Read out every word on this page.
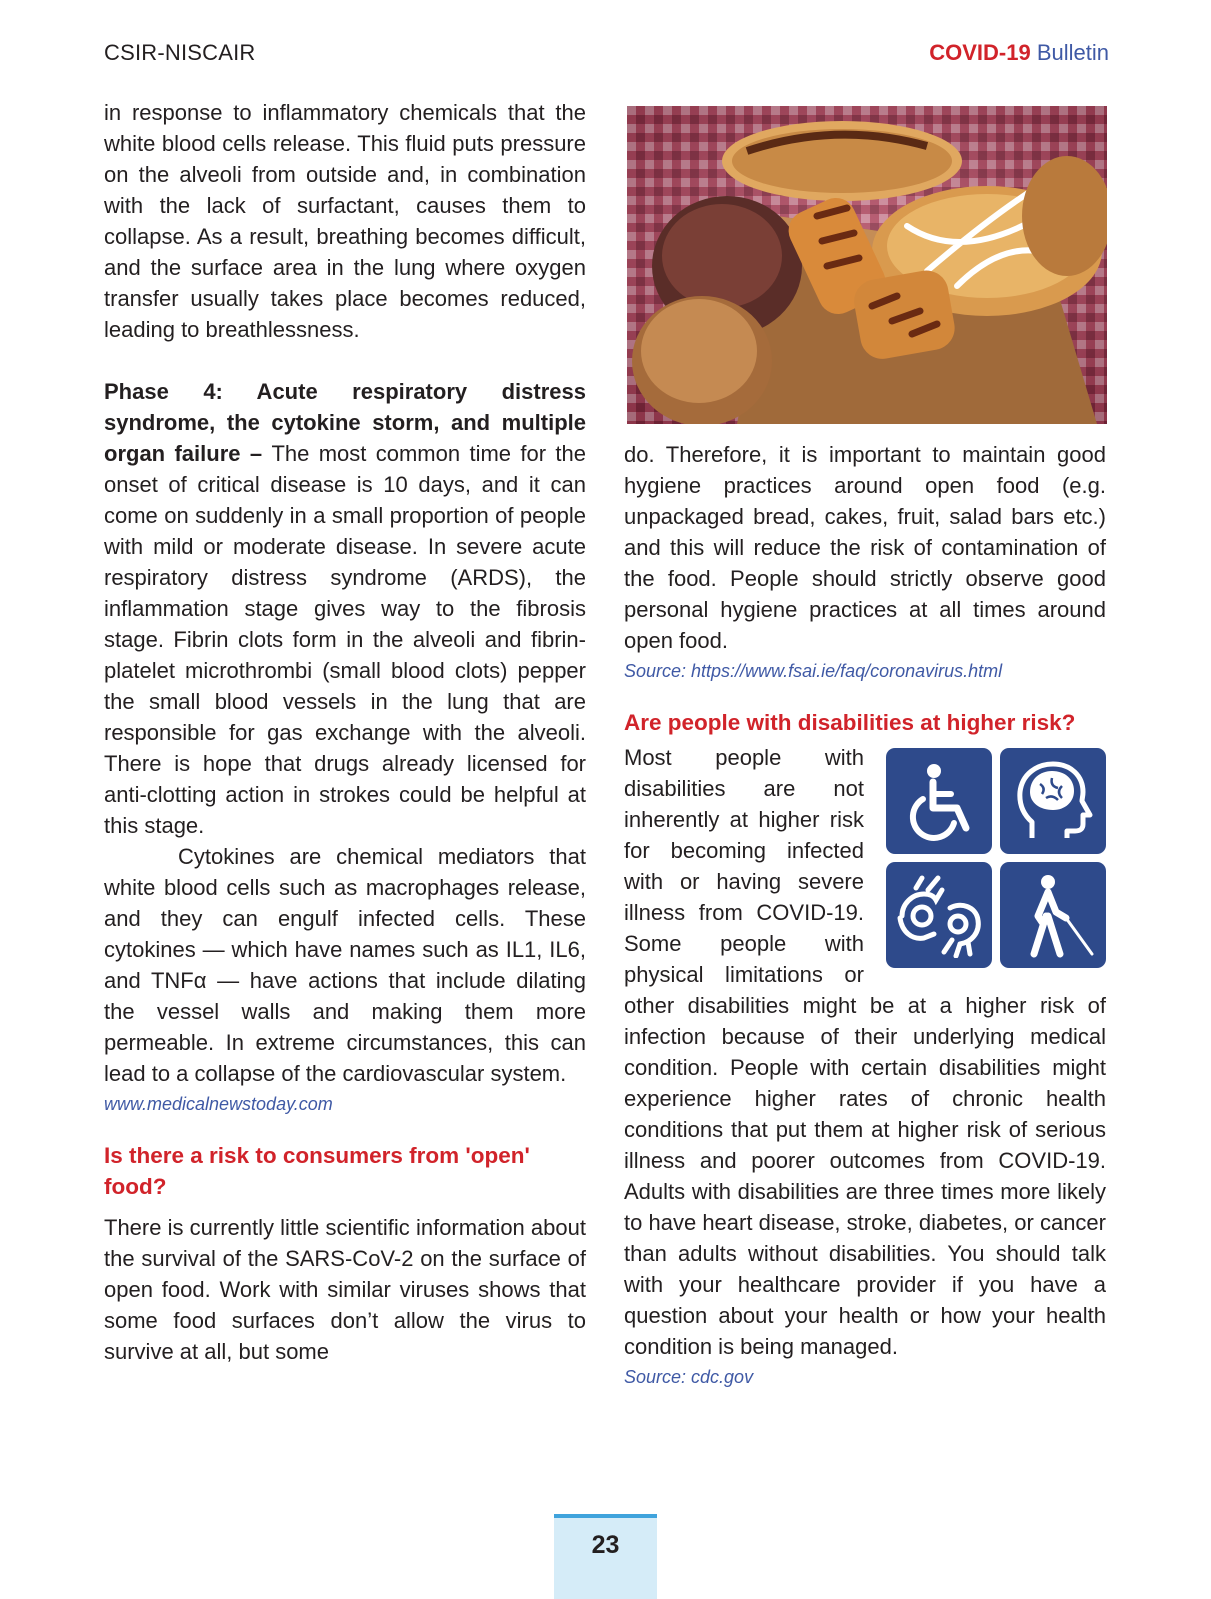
CSIR-NISCAIR	COVID-19 Bulletin

in response to inflammatory chemicals that the white blood cells release. This fluid puts pressure on the alveoli from outside and, in combination with the lack of surfactant, causes them to collapse. As a result, breathing becomes difficult, and the surface area in the lung where oxygen transfer usually takes place becomes reduced, leading to breathlessness.

Phase 4: Acute respiratory distress syndrome, the cytokine storm, and multiple organ failure – The most common time for the onset of critical disease is 10 days, and it can come on suddenly in a small proportion of people with mild or moderate disease. In severe acute respiratory distress syndrome (ARDS), the inflammation stage gives way to the fibrosis stage. Fibrin clots form in the alveoli and fibrin-platelet microthrombi (small blood clots) pepper the small blood vessels in the lung that are responsible for gas exchange with the alveoli. There is hope that drugs already licensed for anti-clotting action in strokes could be helpful at this stage.

Cytokines are chemical mediators that white blood cells such as macrophages release, and they can engulf infected cells. These cytokines — which have names such as IL1, IL6, and TNFα — have actions that include dilating the vessel walls and making them more permeable. In extreme circumstances, this can lead to a collapse of the cardiovascular system.

www.medicalnewstoday.com

Is there a risk to consumers from 'open' food?

There is currently little scientific information about the survival of the SARS-CoV-2 on the surface of open food. Work with similar viruses shows that some food surfaces don’t allow the virus to survive at all, but some

do. Therefore, it is important to maintain good hygiene practices around open food (e.g. unpackaged bread, cakes, fruit, salad bars etc.) and this will reduce the risk of contamination of the food. People should strictly observe good personal hygiene practices at all times around open food.

Source: https://www.fsai.ie/faq/coronavirus.html

Are people with disabilities at higher risk?

Most people with disabilities are not inherently at higher risk for becoming infected with or having severe illness from COVID-19. Some people with physical limitations or other disabilities might be at a higher risk of infection because of their underlying medical condition. People with certain disabilities might experience higher rates of chronic health conditions that put them at higher risk of serious illness and poorer outcomes from COVID-19. Adults with disabilities are three times more likely to have heart disease, stroke, diabetes, or cancer than adults without disabilities. You should talk with your healthcare provider if you have a question about your health or how your health condition is being managed.

Source: cdc.gov

23
